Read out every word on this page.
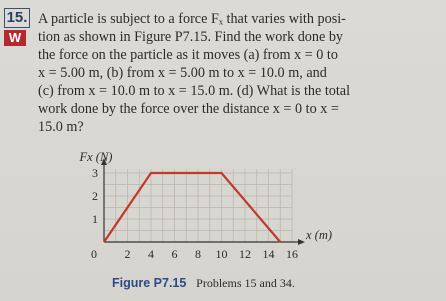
15.
W
A particle is subject to a force Fₓ that varies with posi-
tion as shown in Figure P7.15. Find the work done by
the force on the particle as it moves (a) from x = 0 to
x = 5.00 m, (b) from x = 5.00 m to x = 10.0 m, and
(c) from x = 10.0 m to x = 15.0 m. (d) What is the total
work done by the force over the distance x = 0 to x =
15.0 m?
0 2 4 6 8 10 12 14 16
1
2
3
Fx (N)
x (m)
Figure P7.15 Problems 15 and 34.
